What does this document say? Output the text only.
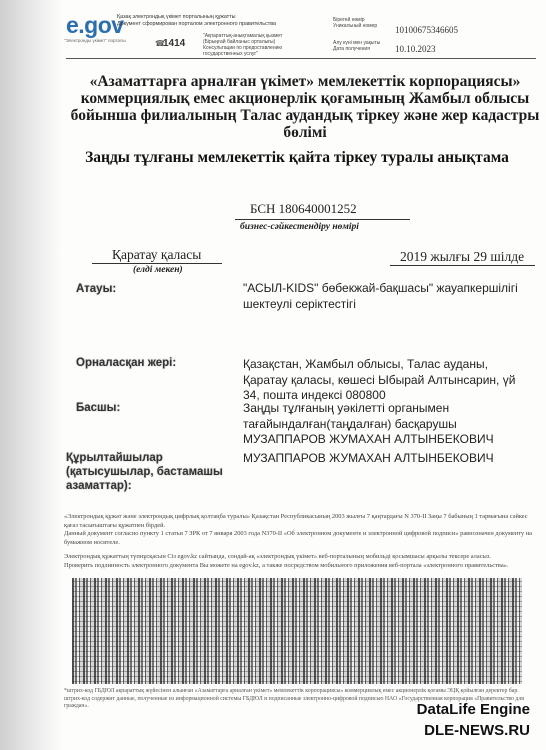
e.gov
"Электронды үкімет" порталы
Қазақ электрондық үкімет порталының құжатты
Документ сформирован порталом электронного правительства
☎
1414
"Ақпараттық-анықтамалық қызмет
(Бірыңғай байланыс орталығы)
Консультации по предоставлению государственных услуг"
Бірегей нөмір
Уникальный номер	10100675346605
Алу күні мен уақыты
Дата получения	10.10.2023
«Азаматтарға арналған үкімет» мемлекеттік корпорациясы» коммерциялық емес акционерлік қоғамының Жамбыл облысы бойынша филиалының Талас аудандық тіркеу және жер кадастры бөлімі
Заңды тұлғаны мемлекеттік қайта тіркеу туралы анықтама
БСН 180640001252
бизнес-сәйкестендіру нөмірі
Қаратау қаласы
(елді мекен)
2019 жылғы 29 шілде
Атауы:	"АСЫЛ-KIDS" бөбекжай-бақшасы" жауапкершілігі шектеулі серіктестігі
Орналасқан жері:	Қазақстан, Жамбыл облысы, Талас ауданы, Қаратау қаласы, көшесі Ыбырай Алтынсарин, үй 34, пошта индексі 080800
Басшы:	Заңды тұлғаның уәкілетті органымен тағайындалған(таңдалған) басқарушы
МУЗАППАРОВ ЖУМАХАН АЛТЫНБЕКОВИЧ
Құрылтайшылар
(қатысушылар, бастамашы
азаматтар):
МУЗАППАРОВ ЖУМАХАН АЛТЫНБЕКОВИЧ
«Электрондық құжат және электрондық цифрлық қолтаңба туралы» Қазақстан Республикасының 2003 жылғы 7 қаңтардағы N 370-II Заңы 7 бабының 1 тармағына сәйкес қағаз тасығыштағы құжатпен бірдей.
Данный документ согласно пункту 1 статьи 7 ЗРК от 7 января 2003 года N370-II «Об электронном документе и электронной цифровой подписи» равнозначен документу на бумажном носителе.
Электрондық құжаттың түпнұсқасын Сіз egov.kz сайтында, сондай-ақ «электрондық үкімет» веб-порталының мобильді қосымшасы арқылы тексере аласыз.
Проверить подлинность электронного документа Вы можете на egov.kz, а также посредством мобильного приложения веб-портала «электронного правительства».
*штрих-код ГБДЮЛ ақпараттық жүйесінен алынған «Азаматтарға арналған үкімет» мемлекеттік корпорациясы» коммерциялық емес акционерлік қоғамы ЭЦҚ қойылған деректер бар.
штрих-код содержит данные, полученные из информационной системы ГБДЮЛ и подписанные электронно-цифровой подписью НАО «Государственная корпорация «Правительство для граждан».	DataLife Engine
DLE-NEWS.RU
